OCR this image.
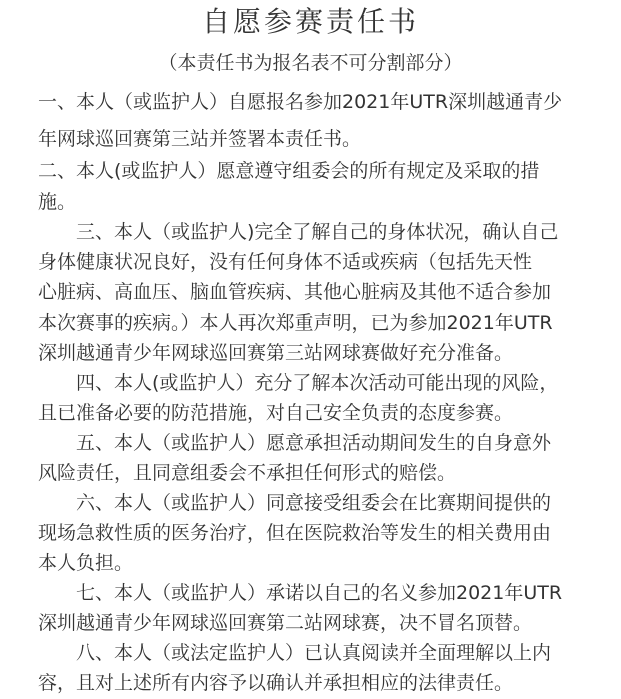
自愿参赛责任书
（本责任书为报名表不可分割部分）
一、本人（或监护人）自愿报名参加2021年UTR深圳越通青少
年网球巡回赛第三站并签署本责任书。
二、本人(或监护人）愿意遵守组委会的所有规定及采取的措
施。
三、本人（或监护人)完全了解自己的身体状况，确认自己
身体健康状况良好，没有任何身体不适或疾病（包括先天性
心脏病、高血压、脑血管疾病、其他心脏病及其他不适合参加
本次赛事的疾病。）本人再次郑重声明，已为参加2021年UTR
深圳越通青少年网球巡回赛第三站网球赛做好充分准备。
四、本人(或监护人）充分了解本次活动可能出现的风险，
且已准备必要的防范措施，对自己安全负责的态度参赛。
五、本人（或监护人）愿意承担活动期间发生的自身意外
风险责任，且同意组委会不承担任何形式的赔偿。
六、本人（或监护人）同意接受组委会在比赛期间提供的
现场急救性质的医务治疗，但在医院救治等发生的相关费用由
本人负担。
七、本人（或监护人）承诺以自己的名义参加2021年UTR
深圳越通青少年网球巡回赛第二站网球赛，决不冒名顶替。
八、本人（或法定监护人）已认真阅读并全面理解以上内
容，且对上述所有内容予以确认并承担相应的法律责任。
